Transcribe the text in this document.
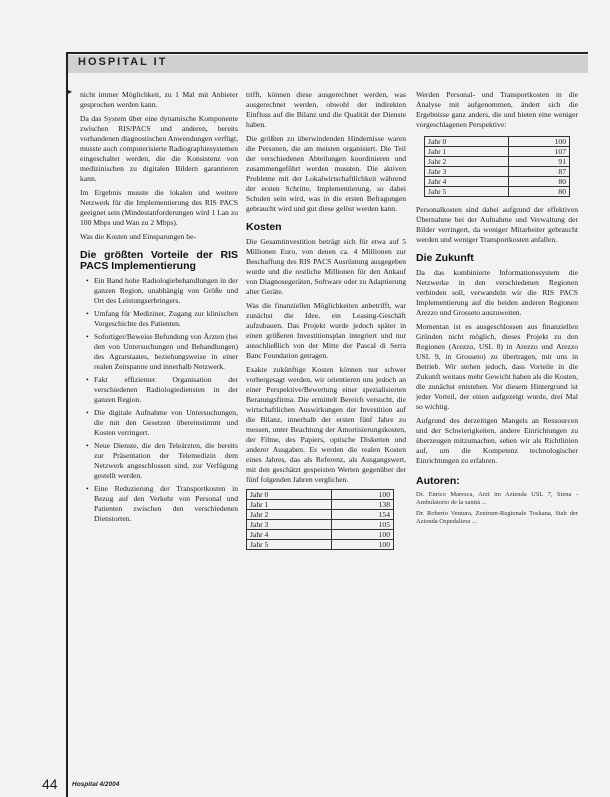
HOSPITAL IT
▸ nicht immer Möglichkeit, zu 1 Mal mit Anbieter gesprochen werden kann.

Da das System über eine dynamische Komponente zwischen RIS/PACS und anderen, bereits vorhandenen diagnostischen Anwendungen verfügt, musste auch computerisierte Radiographiesystemen eingeschaltet werden, die die Konsistenz von medizinischen zu digitalen Bildern garantieren kann.

Im Ergebnis musste die lokalen und weitere Netzwerk für die Implementierung des RIS PACS geeignet sein (Mindestanforderungen wird 1 Lan zu 100 Mbps und Wan zu 2 Mbps).

Was die Kosten und Einsparungen be-

Die größten Vorteile der RIS PACS Implementierung
• Ein Band hohe Radiologiebehandlungen in der ganzen Region, unabhängig von Größe und Ort des Leistungserbringers.
• Umfang für Mediziner, Zugang zur klinischen Vorgeschichte des Patienten.
• Sofortiger/Beweise Befundung von Ärzten (bei den von Untersuchungen und Behandlungen) des Agrarstaates, beziehungsweise in einer realen Zeitspanne und innerhalb Netzwerk.
• Fakt effizienter Organisation der verschiedenen Radiologiediensten in der ganzen Region.
• Die digitale Aufnahme von Untersuchungen, die mit den Gesetzen übereinstimmt und Kosten verringert.
• Neue Dienste, die den Teleärzten, die bereits zur Präsentation der Telemedizin dem Netzwerk angeschlossen sind, zur Verfügung gestellt werden.
• Eine Reduzierung der Transportkosten in Bezug auf den Verkehr von Personal und Patienten zwischen den verschiedenen Dienstorten.

trifft, können diese ausgerechnet werden, was ausgerechnet werden, obwohl der indirekten Einfluss auf die Bilanz und die Qualität der Dienste haben.

Die größten zu überwindenden Hindernisse waren die Personen, die am meisten organisiert. Die Teil der verschiedenen Abteilungen koordinieren und zusammengeführt werden mussten. Die aktiven Probleme mit der Lokalwirtschaftlichkeit während der ersten Schritte, Implementierung, so dabei Schulen sein wird, was in die ersten Befragungen gebraucht wird und gut diese gelöst werden kann.

Kosten

Die Gesamtinvestition beträgt sich für etwa auf 5 Millionen Euro, von denen ca. 4 Millionen zur Beschaffung des RIS PACS Ausrüstung ausgegeben wurde und die restliche Millionen für den Ankauf von Diagnosegeräten, Software oder zu Adaptierung alter Geräte.

Was die finanziellen Möglichkeiten anbetrifft, war zunächst die Idee, ein Leasing-Geschäft aufzubauen. Das Projekt wurde jedoch später in einen größeren Investitionsplan integriert und nur ausschließlich von der Mitte der Pascal di Serra Banc Foundation getragen.

Exakte zukünftige Kosten können nur schwer vorhergesagt werden, wir orientieren uns jedoch an einer Perspektive/Bewertung einer spezialisierten Beratungsfirma. Die ermittelt Bereich versucht, die wirtschaftlichen Auswirkungen der Investition auf die Bilanz, innerhalb der ersten fünf Jahre zu messen, unter Beachtung der Amortisierungskosten, der Filme, des Papiers, optische Disketten und anderer Ausgaben. Es werden die realen Kosten eines Jahres, das als Referenz, als Ausgangswert, mit den geschätzt gespeisten Werten gegenüber der fünf folgenden Jahren verglichen.

Jahr 0	100
Jahr 1	138
Jahr 2	154
Jahr 3	105
Jahr 4	100
Jahr 5	100

Werden Personal- und Transportkosten in die Analyse mit aufgenommen, ändert sich die Ergebnisse ganz anders, die und bieten eine weniger vorgeschlagenen Perspektive:

Jahr 0	100
Jahr 1	107
Jahr 2	91
Jahr 3	87
Jahr 4	80
Jahr 5	80

Personalkosten sind dabei aufgrund der effektiven Übernahme bei der Aufnahme und Verwaltung der Bilder verringert, da weniger Mitarbeiter gebraucht werden und weniger Transportkosten anfallen.

Die Zukunft

Da das kombinierte Informationssystem die Netzwerke in den verschiedenen Regionen verbinden soll, verwandeln wir die RIS PACS Implementierung auf die beiden anderen Regionen Arezzo und Grosseto auszuweiten.

Momentan ist es ausgeschlossen aus finanziellen Gründen nicht möglich, dieses Projekt zu den Regionen (Arezzo, USL 8) in Arezzo und Arezzo USL 9, in Grosseto) zu übertragen, mit uns in Betrieb. Wir stehen jedoch, dass Vorteile in die Zukunft weitaus mehr Gewicht haben als die Kosten, die zunächst entstehen. Vor diesem Hintergrund ist jeder Vorteil, der einen aufgezeigt wurde, drei Mal so wichtig.

Aufgrund des derzeitigen Mangels an Ressourcen und der Schwierigkeiten, andere Einrichtungen zu überzeugen mitzumachen, sehen wir als Richtlinien auf, um die Kompetenz technologischer Einrichtungen zu erfahren.

Autoren:
Dr. Enrico Maresca, Arzt im Azienda USL 7, Siena - Ambulatorio de la sanità ...
Dr. Roberto Ventura, Zentrum-Regionale Toskana, Stab der Azienda Ospedaliera ...
44 Hospital 4/2004
